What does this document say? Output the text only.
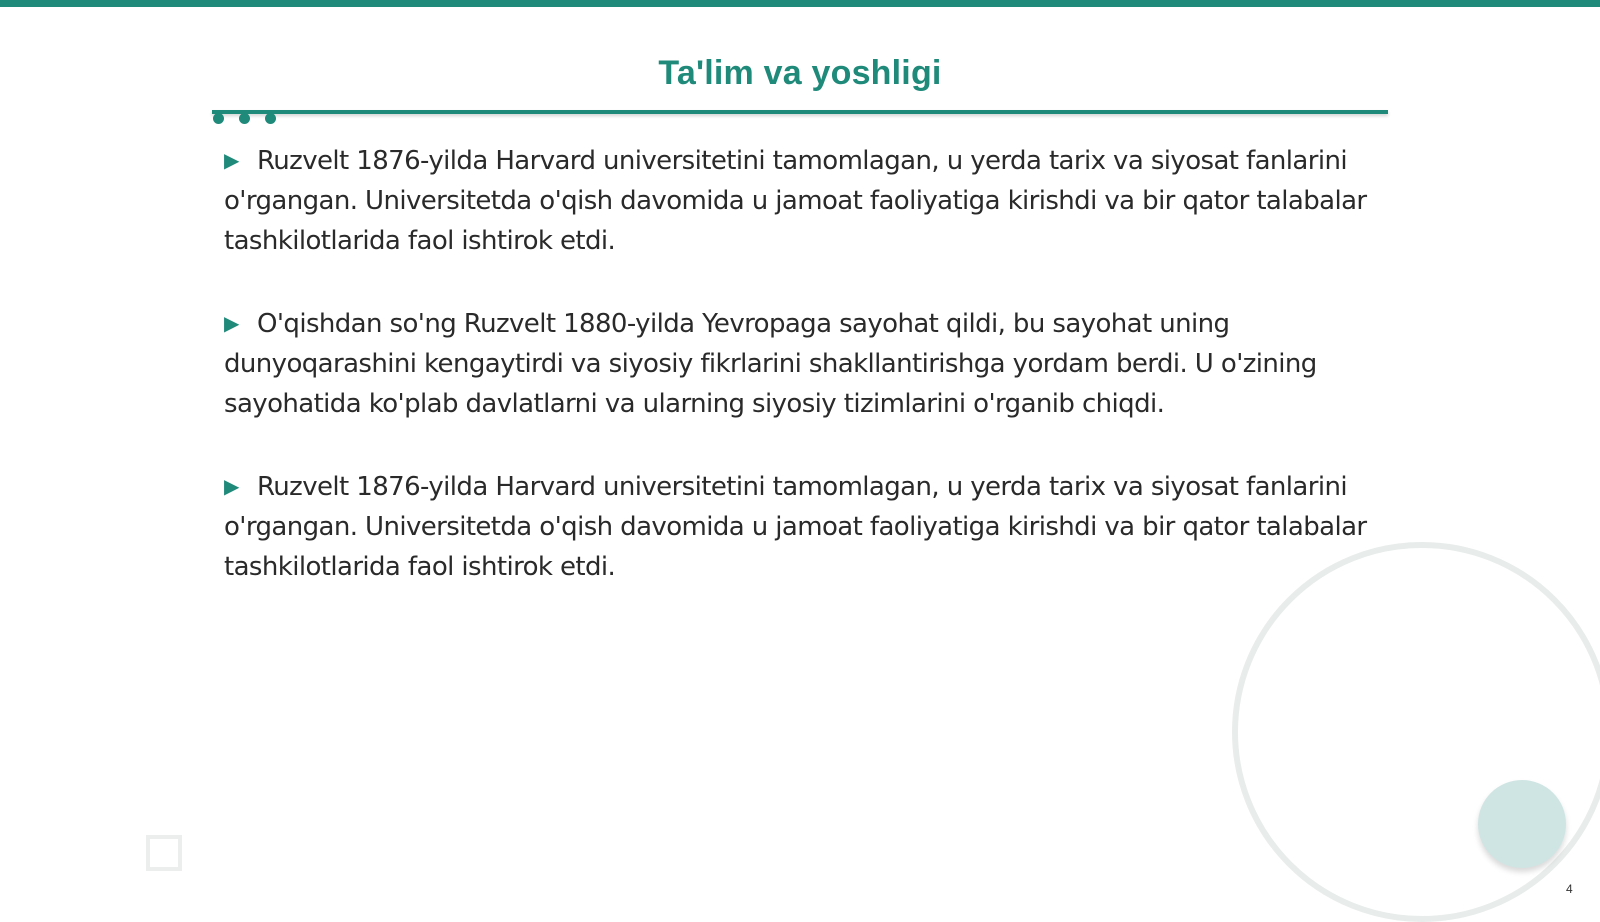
Ta'lim va yoshligi

▶ Ruzvelt 1876-yilda Harvard universitetini tamomlagan, u yerda tarix va siyosat fanlarini o'rgangan. Universitetda o'qish davomida u jamoat faoliyatiga kirishdi va bir qator talabalar tashkilotlarida faol ishtirok etdi.

▶ O'qishdan so'ng Ruzvelt 1880-yilda Yevropaga sayohat qildi, bu sayohat uning dunyoqarashini kengaytirdi va siyosiy fikrlarini shakllantirishga yordam berdi. U o'zining sayohatida ko'plab davlatlarni va ularning siyosiy tizimlarini o'rganib chiqdi.

▶ Ruzvelt 1876-yilda Harvard universitetini tamomlagan, u yerda tarix va siyosat fanlarini o'rgangan. Universitetda o'qish davomida u jamoat faoliyatiga kirishdi va bir qator talabalar tashkilotlarida faol ishtirok etdi.

4
